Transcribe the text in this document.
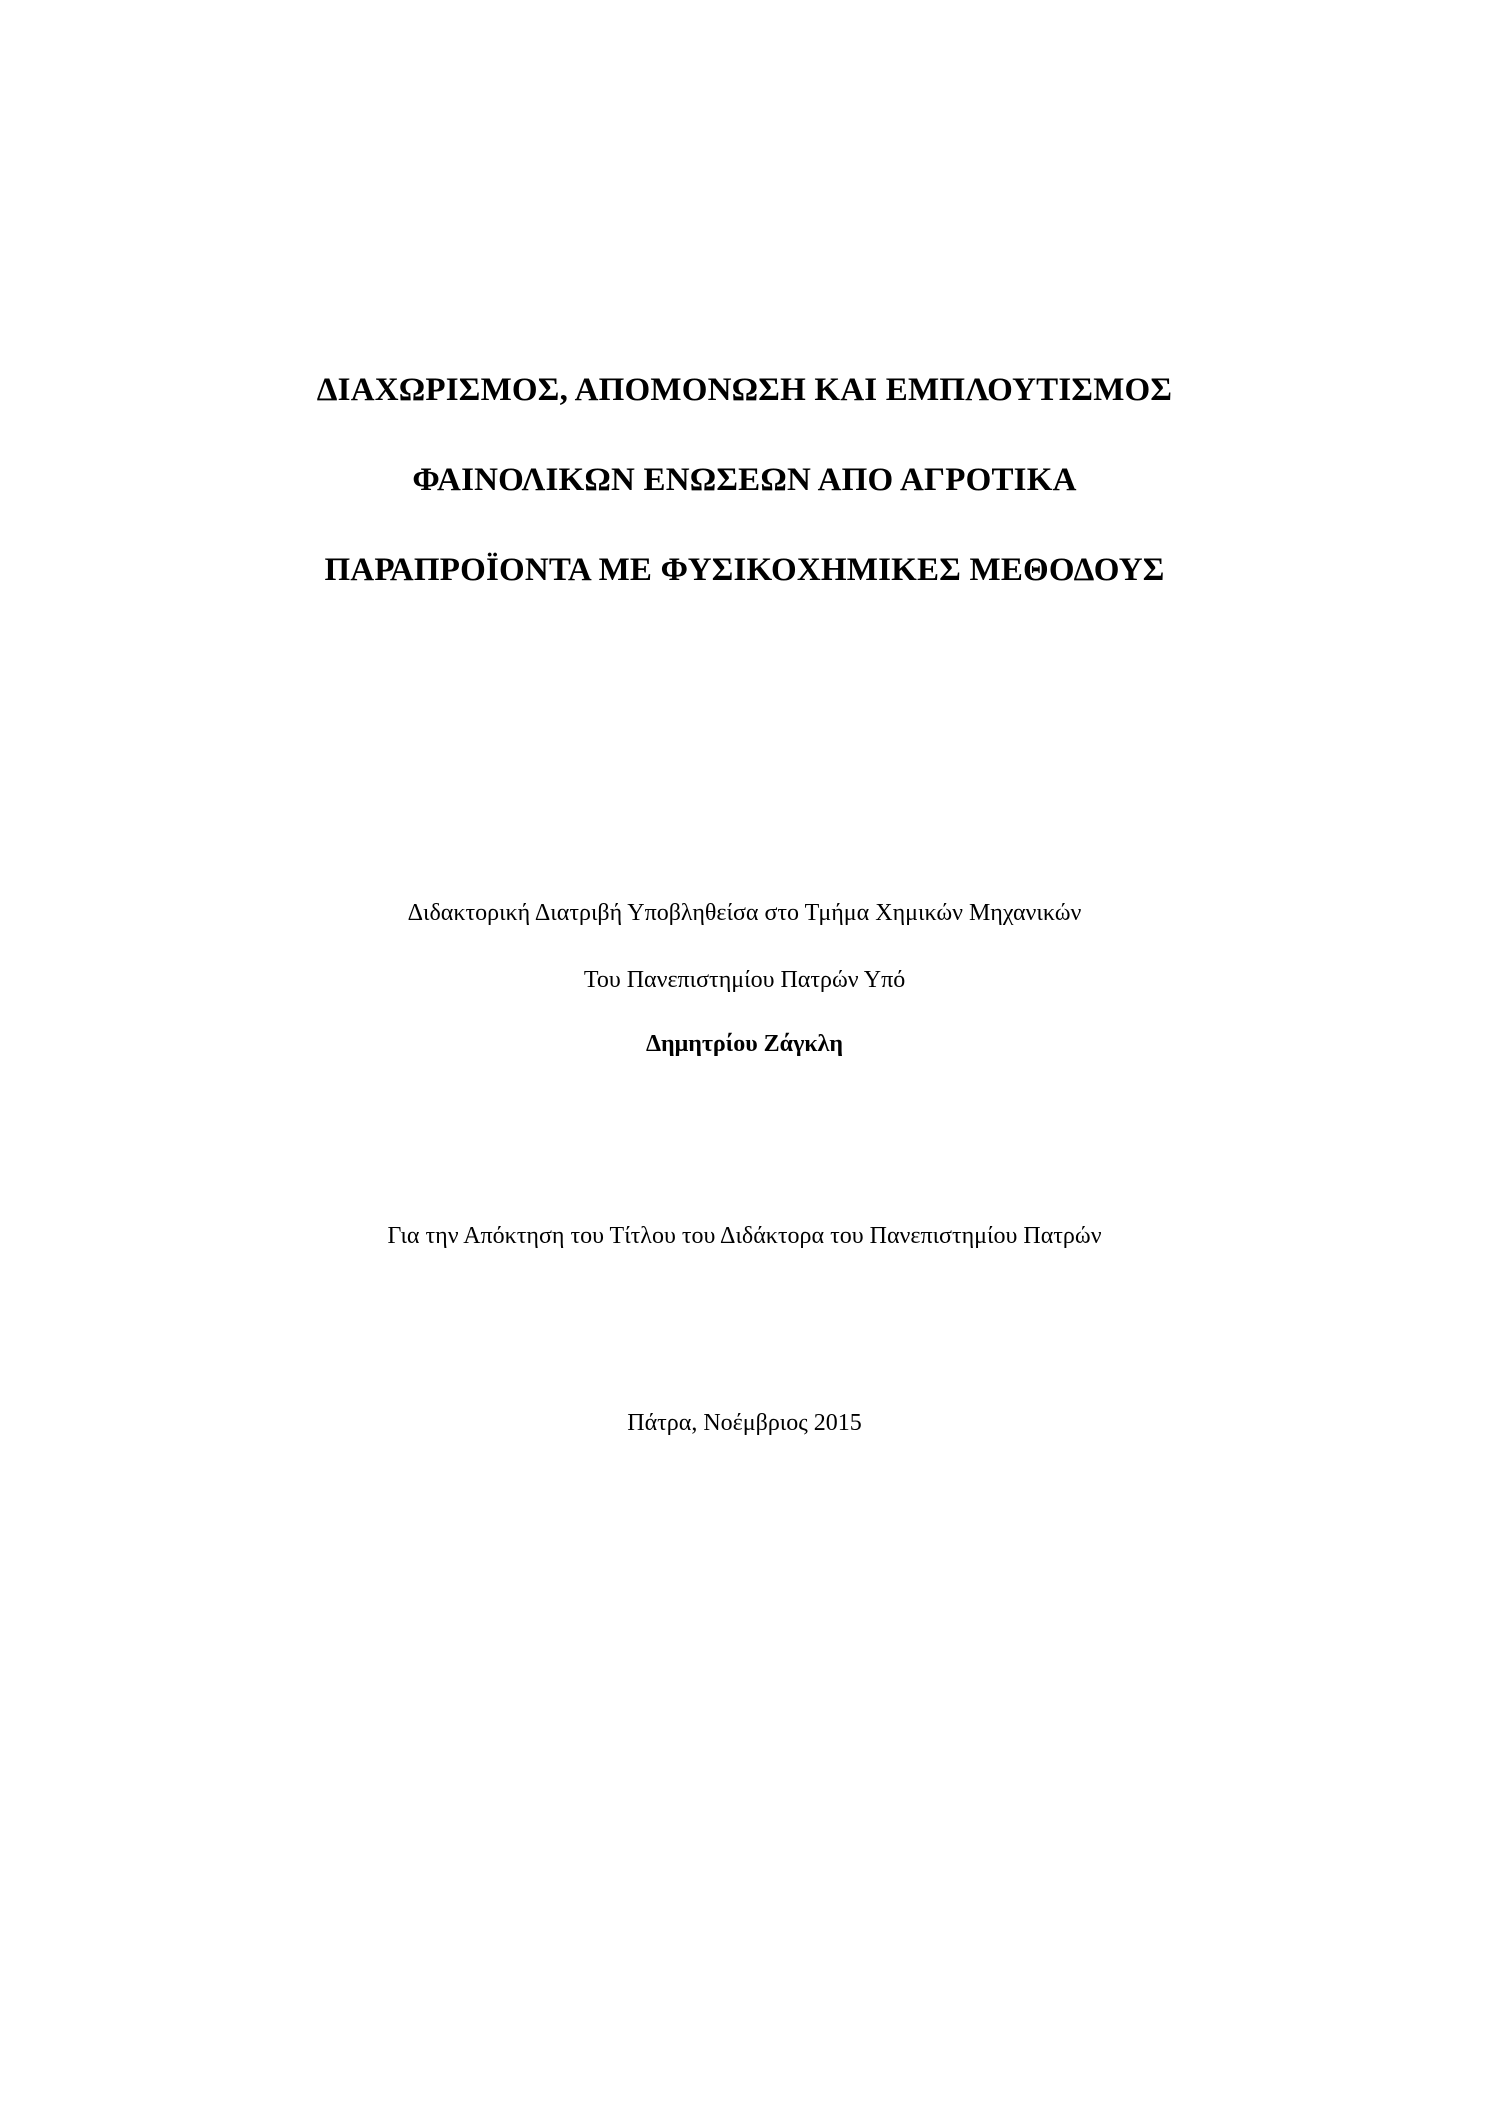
ΔΙΑΧΩΡΙΣΜΟΣ, ΑΠΟΜΟΝΩΣΗ ΚΑΙ ΕΜΠΛΟΥΤΙΣΜΟΣ
ΦΑΙΝΟΛΙΚΩΝ ΕΝΩΣΕΩΝ ΑΠΟ ΑΓΡΟΤΙΚΑ
ΠΑΡΑΠΡΟΪΟΝΤΑ ΜΕ ΦΥΣΙΚΟΧΗΜΙΚΕΣ ΜΕΘΟΔΟΥΣ
Διδακτορική Διατριβή Υποβληθείσα στο Τμήμα Χημικών Μηχανικών
Του Πανεπιστημίου Πατρών Υπό
Δημητρίου Ζάγκλη
Για την Απόκτηση του Τίτλου του Διδάκτορα του Πανεπιστημίου Πατρών
Πάτρα, Νοέμβριος 2015
